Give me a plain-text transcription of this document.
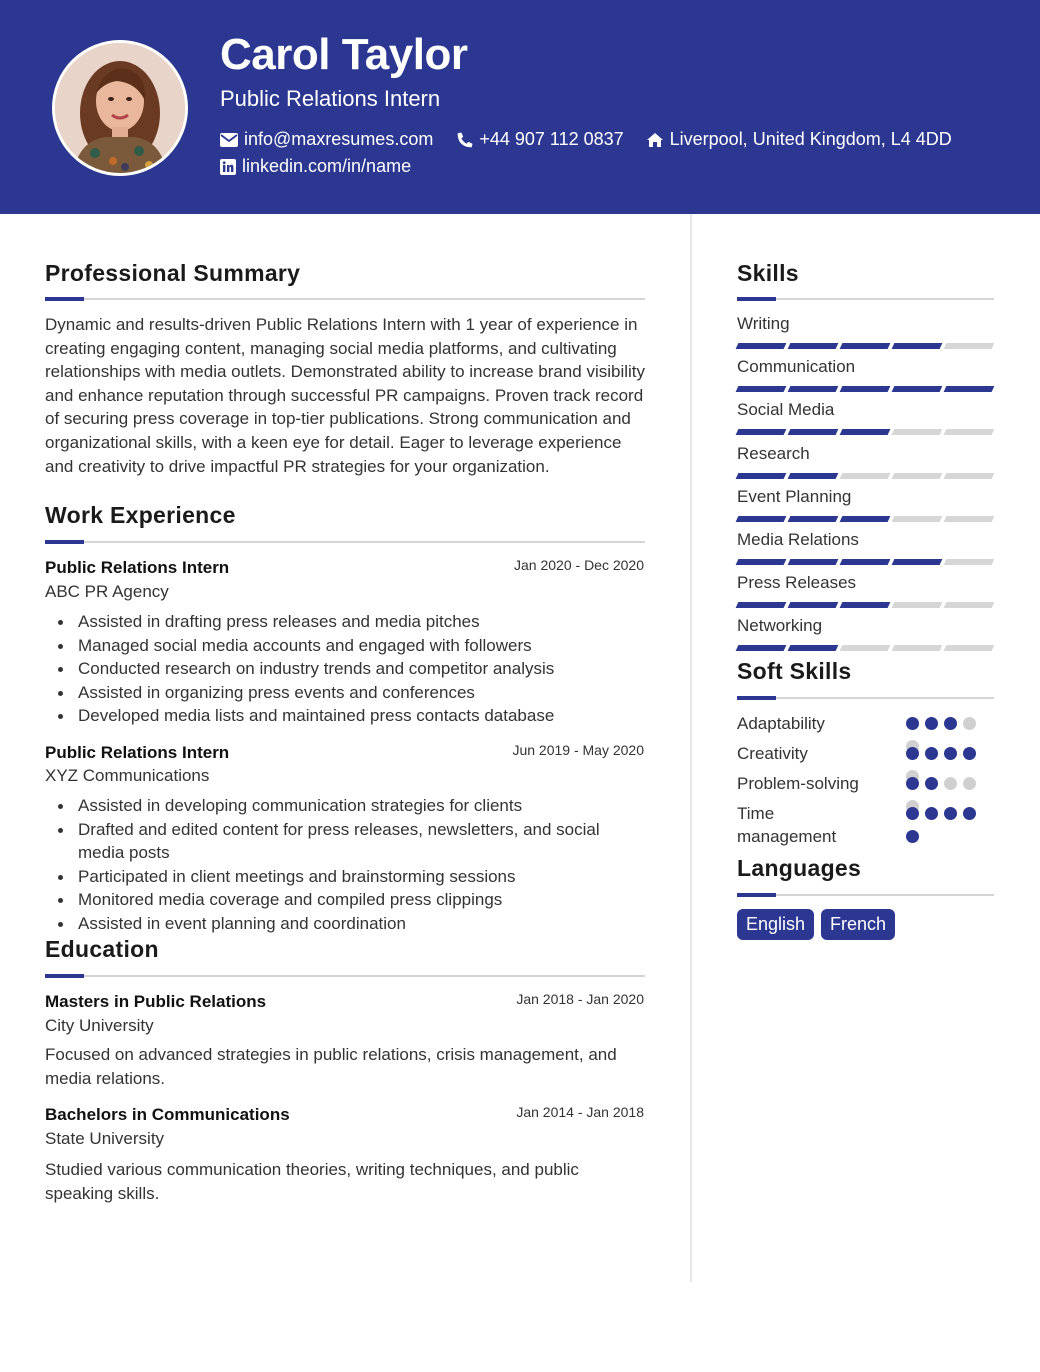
Carol Taylor
Public Relations Intern
info@maxresumes.com	+44 907 112 0837	Liverpool, United Kingdom, L4 4DD
linkedin.com/in/name
Professional Summary
Dynamic and results-driven Public Relations Intern with 1 year of experience in creating engaging content, managing social media platforms, and cultivating relationships with media outlets. Demonstrated ability to increase brand visibility and enhance reputation through successful PR campaigns. Proven track record of securing press coverage in top-tier publications. Strong communication and organizational skills, with a keen eye for detail. Eager to leverage experience and creativity to drive impactful PR strategies for your organization.
Work Experience
Public Relations Intern	Jan 2020 - Dec 2020
ABC PR Agency
Assisted in drafting press releases and media pitches
Managed social media accounts and engaged with followers
Conducted research on industry trends and competitor analysis
Assisted in organizing press events and conferences
Developed media lists and maintained press contacts database
Public Relations Intern	Jun 2019 - May 2020
XYZ Communications
Assisted in developing communication strategies for clients
Drafted and edited content for press releases, newsletters, and social media posts
Participated in client meetings and brainstorming sessions
Monitored media coverage and compiled press clippings
Assisted in event planning and coordination
Education
Masters in Public Relations	Jan 2018 - Jan 2020
City University
Focused on advanced strategies in public relations, crisis management, and media relations.
Bachelors in Communications	Jan 2014 - Jan 2018
State University
Studied various communication theories, writing techniques, and public speaking skills.
Skills
Writing
Communication
Social Media
Research
Event Planning
Media Relations
Press Releases
Networking
Soft Skills
Adaptability
Creativity
Problem-solving
Time management
Languages
English	French
